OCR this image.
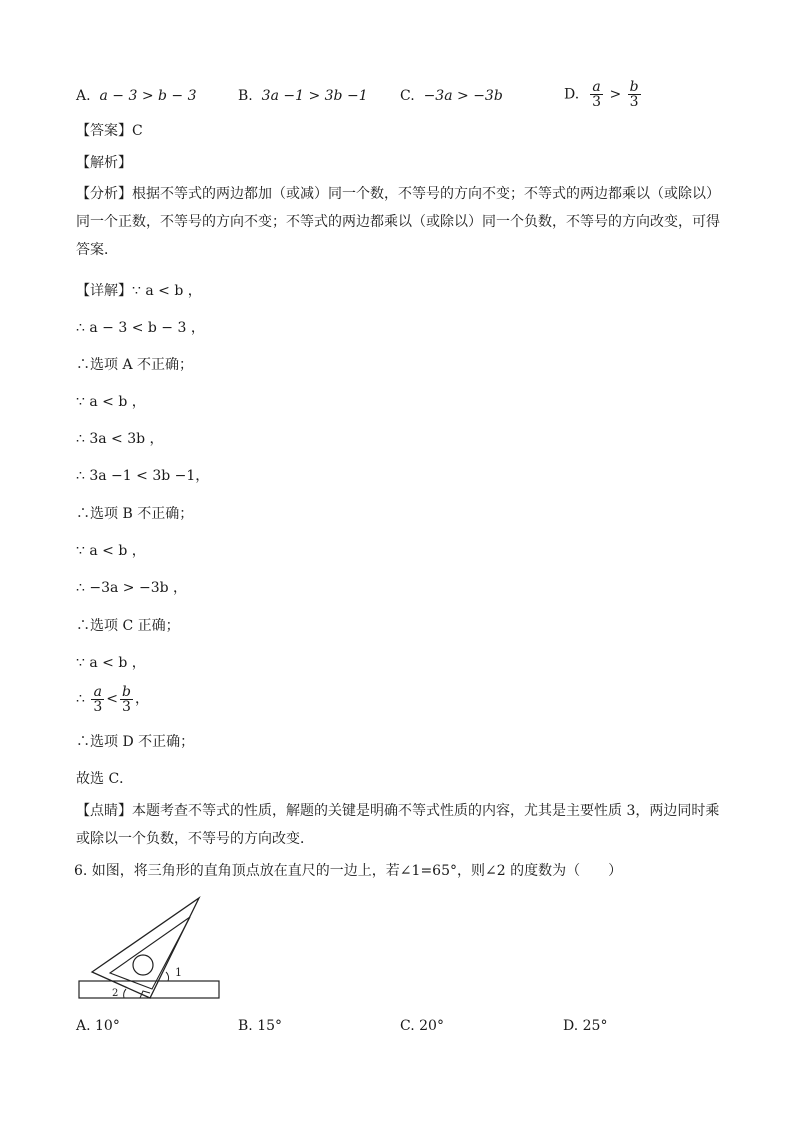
A. a − 3 > b − 3	B. 3a −1 > 3b −1 C. −3a > −3b	D. $\frac{a}{3} > \frac{b}{3}$
【答案】C
【解析】
【分析】根据不等式的两边都加（或减）同一个数，不等号的方向不变；不等式的两边都乘以（或除以）同一个正数，不等号的方向不变；不等式的两边都乘以（或除以）同一个负数，不等号的方向改变，可得答案．
【详解】∵ a < b ，
∴ a − 3 < b − 3 ，
∴选项 A 不正确；
∵ a < b ，
∴ 3a < 3b ，
∴ 3a −1 < 3b −1，
∴选项 B 不正确；
∵ a < b ，
∴ −3a > −3b ，
∴选项 C 正确；
∵ a < b ，
∴ $\frac{a}{3} < \frac{b}{3}$ ，
∴选项 D 不正确；
故选 C．
【点睛】本题考查不等式的性质，解题的关键是明确不等式性质的内容，尤其是主要性质 3，两边同时乘或除以一个负数，不等号的方向改变．
6. 如图，将三角形的直角顶点放在直尺的一边上，若∠1=65°，则∠2 的度数为（　　）
1
2
A. 10°	B. 15°	C. 20°	D. 25°
